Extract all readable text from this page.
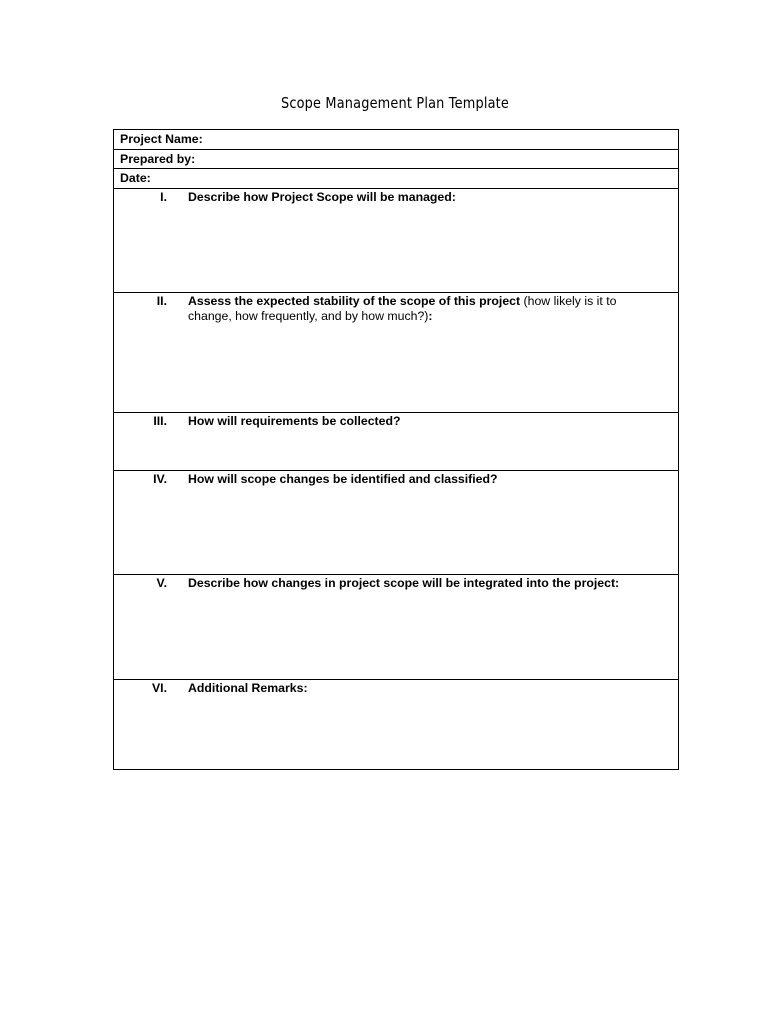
Scope Management Plan Template
Project Name:
Prepared by:
Date:
I. Describe how Project Scope will be managed:
II. Assess the expected stability of the scope of this project (how likely is it to change, how frequently, and by how much?):
III. How will requirements be collected?
IV. How will scope changes be identified and classified?
V. Describe how changes in project scope will be integrated into the project:
VI. Additional Remarks:
